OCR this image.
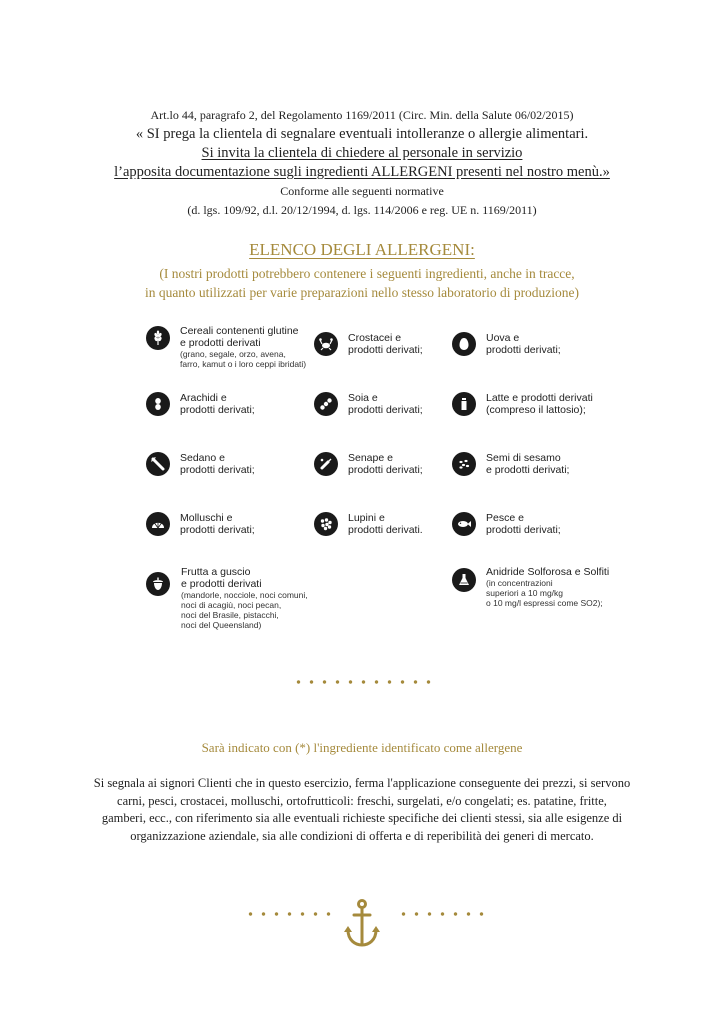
Art.lo 44, paragrafo 2, del Regolamento 1169/2011 (Circ. Min. della Salute 06/02/2015)
« SI prega la clientela di segnalare eventuali intolleranze o allergie alimentari.
Si invita la clientela di chiedere al personale in servizio
l’apposita documentazione sugli ingredienti ALLERGENI presenti nel nostro menù.»
Conforme alle seguenti normative
(d. lgs. 109/92, d.l. 20/12/1994, d. lgs. 114/2006 e reg. UE n. 1169/2011)
ELENCO DEGLI ALLERGENI:
(I nostri prodotti potrebbero contenere i seguenti ingredienti, anche in tracce,
in quanto utilizzati per varie preparazioni nello stesso laboratorio di produzione)
Cereali contenenti glutine
e prodotti derivati
(grano, segale, orzo, avena,
farro, kamut o i loro ceppi ibridati)
Crostacei e
prodotti derivati;
Uova e
prodotti derivati;
Arachidi e
prodotti derivati;
Soia e
prodotti derivati;
Latte e prodotti derivati
(compreso il lattosio);
Sedano e
prodotti derivati;
Senape e
prodotti derivati;
Semi di sesamo
e prodotti derivati;
Molluschi e
prodotti derivati;
Lupini e
prodotti derivati.
Pesce e
prodotti derivati;
Frutta a guscio
e prodotti derivati
(mandorle, nocciole, noci comuni,
noci di acagiù, noci pecan,
noci del Brasile, pistacchi,
noci del Queensland)
Anidride Solforosa e Solfiti
(in concentrazioni
superiori a 10 mg/kg
o 10 mg/l espressi come SO2);
Sarà indicato con (*) l'ingrediente identificato come allergene
Si segnala ai signori Clienti che in questo esercizio, ferma l'applicazione conseguente dei prezzi, si servono
carni, pesci, crostacei, molluschi, ortofrutticoli: freschi, surgelati, e/o congelati; es. patatine, fritte,
gamberi, ecc., con riferimento sia alle eventuali richieste specifiche dei clienti stessi, sia alle esigenze di
organizzazione aziendale, sia alle condizioni di offerta e di reperibilità dei generi di mercato.
